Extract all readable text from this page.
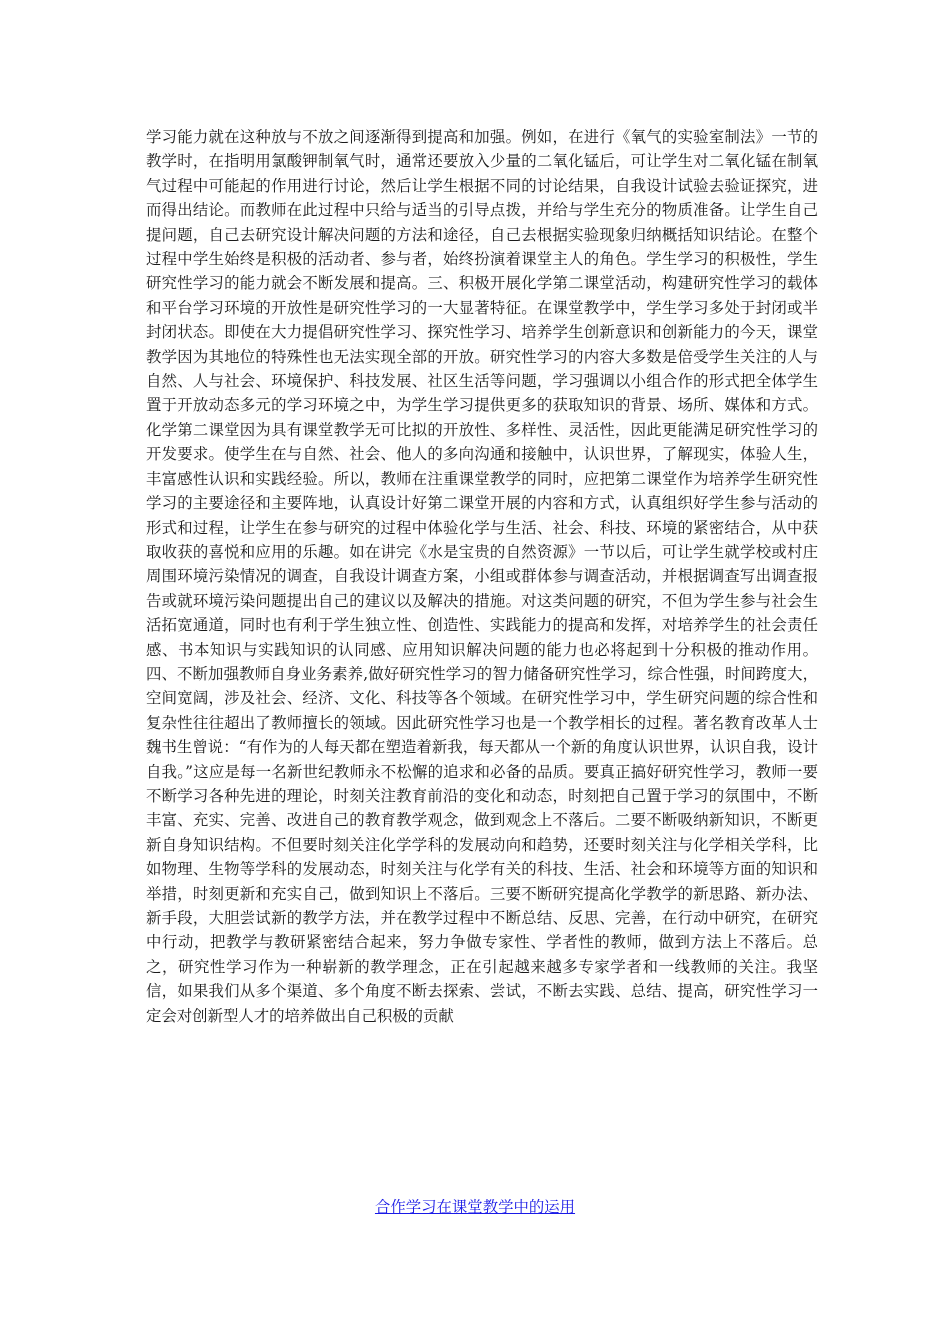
学习能力就在这种放与不放之间逐渐得到提高和加强。例如，在进行《氧气的实验室制法》一节的教学时，在指明用氯酸钾制氧气时，通常还要放入少量的二氧化锰后，可让学生对二氧化锰在制氧气过程中可能起的作用进行讨论，然后让学生根据不同的讨论结果，自我设计试验去验证探究，进而得出结论。而教师在此过程中只给与适当的引导点拨，并给与学生充分的物质准备。让学生自己提问题，自己去研究设计解决问题的方法和途径，自己去根据实验现象归纳概括知识结论。在整个过程中学生始终是积极的活动者、参与者，始终扮演着课堂主人的角色。学生学习的积极性，学生研究性学习的能力就会不断发展和提高。三、积极开展化学第二课堂活动，构建研究性学习的载体和平台学习环境的开放性是研究性学习的一大显著特征。在课堂教学中，学生学习多处于封闭或半封闭状态。即使在大力提倡研究性学习、探究性学习、培养学生创新意识和创新能力的今天，课堂教学因为其地位的特殊性也无法实现全部的开放。研究性学习的内容大多数是倍受学生关注的人与自然、人与社会、环境保护、科技发展、社区生活等问题，学习强调以小组合作的形式把全体学生置于开放动态多元的学习环境之中，为学生学习提供更多的获取知识的背景、场所、媒体和方式。化学第二课堂因为具有课堂教学无可比拟的开放性、多样性、灵活性，因此更能满足研究性学习的开发要求。使学生在与自然、社会、他人的多向沟通和接触中，认识世界，了解现实，体验人生，丰富感性认识和实践经验。所以，教师在注重课堂教学的同时，应把第二课堂作为培养学生研究性学习的主要途径和主要阵地，认真设计好第二课堂开展的内容和方式，认真组织好学生参与活动的形式和过程，让学生在参与研究的过程中体验化学与生活、社会、科技、环境的紧密结合，从中获取收获的喜悦和应用的乐趣。如在讲完《水是宝贵的自然资源》一节以后，可让学生就学校或村庄周围环境污染情况的调查，自我设计调查方案，小组或群体参与调查活动，并根据调查写出调查报告或就环境污染问题提出自己的建议以及解决的措施。对这类问题的研究，不但为学生参与社会生活拓宽通道，同时也有利于学生独立性、创造性、实践能力的提高和发挥，对培养学生的社会责任感、书本知识与实践知识的认同感、应用知识解决问题的能力也必将起到十分积极的推动作用。四、不断加强教师自身业务素养,做好研究性学习的智力储备研究性学习，综合性强，时间跨度大，空间宽阔，涉及社会、经济、文化、科技等各个领域。在研究性学习中，学生研究问题的综合性和复杂性往往超出了教师擅长的领域。因此研究性学习也是一个教学相长的过程。著名教育改革人士魏书生曾说：“有作为的人每天都在塑造着新我，每天都从一个新的角度认识世界，认识自我，设计自我。”这应是每一名新世纪教师永不松懈的追求和必备的品质。要真正搞好研究性学习，教师一要不断学习各种先进的理论，时刻关注教育前沿的变化和动态，时刻把自己置于学习的氛围中，不断丰富、充实、完善、改进自己的教育教学观念，做到观念上不落后。二要不断吸纳新知识，不断更新自身知识结构。不但要时刻关注化学学科的发展动向和趋势，还要时刻关注与化学相关学科，比如物理、生物等学科的发展动态，时刻关注与化学有关的科技、生活、社会和环境等方面的知识和举措，时刻更新和充实自己，做到知识上不落后。三要不断研究提高化学教学的新思路、新办法、新手段，大胆尝试新的教学方法，并在教学过程中不断总结、反思、完善，在行动中研究，在研究中行动，把教学与教研紧密结合起来，努力争做专家性、学者性的教师，做到方法上不落后。总之，研究性学习作为一种崭新的教学理念，正在引起越来越多专家学者和一线教师的关注。我坚信，如果我们从多个渠道、多个角度不断去探索、尝试，不断去实践、总结、提高，研究性学习一定会对创新型人才的培养做出自己积极的贡献

合作学习在课堂教学中的运用
